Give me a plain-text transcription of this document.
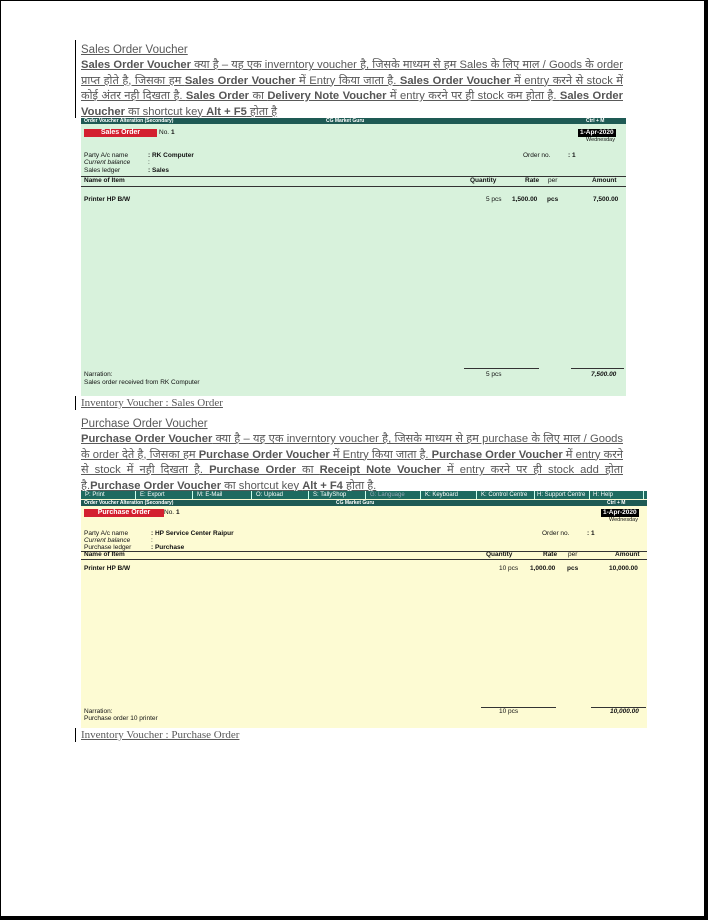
Sales Order Voucher
Sales Order Voucher क्या है – यह एक inverntory voucher है, जिसके माध्यम से हम Sales के लिए माल / Goods के order प्राप्त होते है, जिसका हम Sales Order Voucher में Entry किया जाता है. Sales Order Voucher में entry करने से stock में कोई अंतर नही दिखता है. Sales Order का Delivery Note Voucher में entry करने पर ही stock कम होता है. Sales Order Voucher का shortcut key Alt + F5 होता है
Order Voucher Alteration (Secondary)	CG Market Guru	Ctrl + M
Sales Order	No. 1	1-Apr-2020
Wednesday
Party A/c name	: RK Computer
Current balance	:
Sales ledger	: Sales
Order no.	: 1
Name of Item	Quantity	Rate per	Amount
Printer HP B/W	5 pcs 1,500.00 pcs	7,500.00
Narration:	5 pcs	7,500.00
Sales order received from RK Computer
Inventory Voucher : Sales Order
Purchase Order Voucher
Purchase Order Voucher क्या है – यह एक inverntory voucher है, जिसके माध्यम से हम purchase के लिए माल / Goods के order देते है, जिसका हम Purchase Order Voucher में Entry किया जाता है. Purchase Order Voucher में entry करने से stock में नही दिखता है. Purchase Order का Receipt Note Voucher में entry करने पर ही stock add होता है.Purchase Order Voucher का shortcut key Alt + F4 होता है.
P: Print	E: Export	M: E-Mail	O: Upload	S: TallyShop	G: Language	K: Keyboard	K: Control Centre	H: Support Centre	H: Help
Order Voucher Alteration (Secondary)	CG Market Guru	Ctrl + M
Purchase Order	No. 1	1-Apr-2020
Wednesday
Party A/c name	: HP Service Center Raipur
Current balance	:
Purchase ledger	: Purchase
Order no.	: 1
Name of Item	Quantity	Rate per	Amount
Printer HP B/W	10 pcs 1,000.00 pcs	10,000.00
Narration:	10 pcs	10,000.00
Purchase order 10 printer
Inventory Voucher : Purchase Order
